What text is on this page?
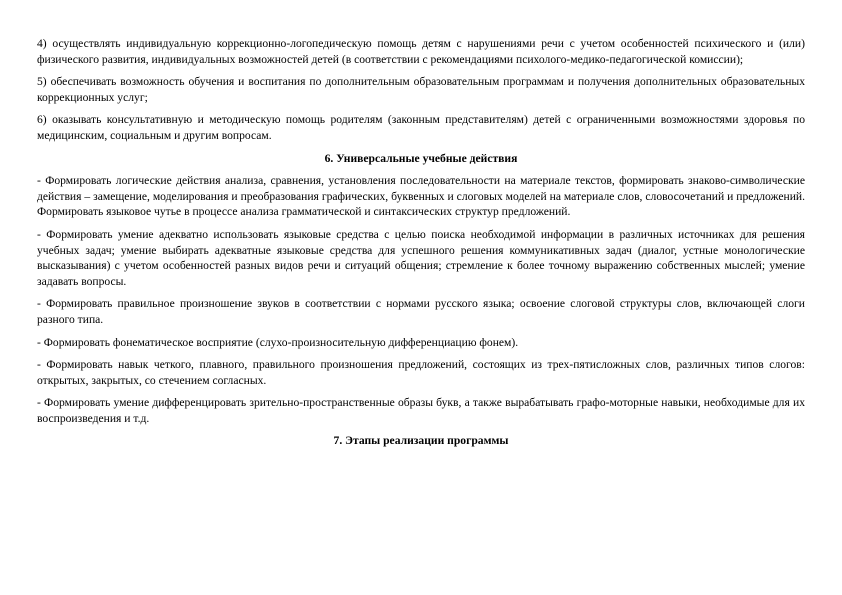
4) осуществлять индивидуальную коррекционно-логопедическую помощь детям с нарушениями речи с учетом особенностей психического и (или) физического развития, индивидуальных возможностей детей (в соответствии с рекомендациями психолого-медико-педагогической комиссии);

5) обеспечивать возможность обучения и воспитания по дополнительным образовательным программам и получения дополнительных образовательных коррекционных услуг;

6) оказывать консультативную и методическую помощь родителям (законным представителям) детей с ограниченными возможностями здоровья по медицинским, социальным и другим вопросам.

6. Универсальные учебные действия

- Формировать логические действия анализа, сравнения, установления последовательности на материале текстов, формировать знаково-символические действия – замещение, моделирования и преобразования графических, буквенных и слоговых моделей на материале слов, словосочетаний и предложений. Формировать языковое чутье в процессе анализа грамматической и синтаксических структур предложений.

- Формировать умение адекватно использовать языковые средства с целью поиска необходимой информации в различных источниках для решения учебных задач; умение выбирать адекватные языковые средства для успешного решения коммуникативных задач (диалог, устные монологические высказывания) с учетом особенностей разных видов речи и ситуаций общения; стремление к более точному выражению собственных мыслей; умение задавать вопросы.

- Формировать правильное произношение звуков в соответствии с нормами русского языка; освоение слоговой структуры слов, включающей слоги разного типа.

- Формировать фонематическое восприятие (слухо-произносительную дифференциацию фонем).

- Формировать навык четкого, плавного, правильного произношения предложений, состоящих из трех-пятисложных слов, различных типов слогов: открытых, закрытых, со стечением согласных.

- Формировать умение дифференцировать зрительно-пространственные образы букв, а также вырабатывать графо-моторные навыки, необходимые для их воспроизведения и т.д.

7. Этапы реализации программы
